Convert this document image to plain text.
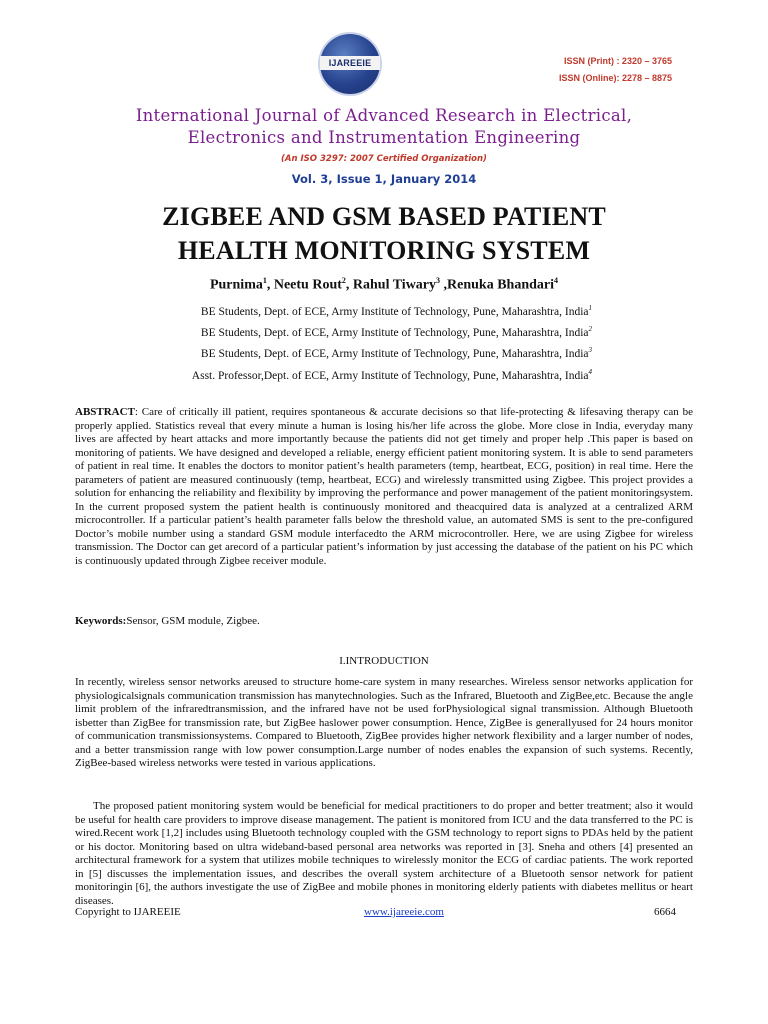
IJAREEIE	ISSN (Print) : 2320 – 3765
ISSN (Online): 2278 – 8875
International Journal of Advanced Research in Electrical,
Electronics and Instrumentation Engineering
(An ISO 3297: 2007 Certified Organization)
Vol. 3, Issue 1, January 2014
ZIGBEE AND GSM BASED PATIENT
HEALTH MONITORING SYSTEM
Purnima$^1$, Neetu Rout$^2$, Rahul Tiwary$^3$ ,Renuka Bhandari$^4$
BE Students, Dept. of ECE, Army Institute of Technology, Pune, Maharashtra, India$^1$
BE Students, Dept. of ECE, Army Institute of Technology, Pune, Maharashtra, India$^2$
BE Students, Dept. of ECE, Army Institute of Technology, Pune, Maharashtra, India$^3$
Asst. Professor,Dept. of ECE, Army Institute of Technology, Pune, Maharashtra, India$^4$
ABSTRACT: Care of critically ill patient, requires spontaneous & accurate decisions so that life-protecting & lifesaving therapy can be properly applied. Statistics reveal that every minute a human is losing his/her life across the globe. More close in India, everyday many lives are affected by heart attacks and more importantly because the patients did not get timely and proper help .This paper is based on monitoring of patients. We have designed and developed a reliable, energy efficient patient monitoring system. It is able to send parameters of patient in real time. It enables the doctors to monitor patient’s health parameters (temp, heartbeat, ECG, position) in real time. Here the parameters of patient are measured continuously (temp, heartbeat, ECG) and wirelessly transmitted using Zigbee. This project provides a solution for enhancing the reliability and flexibility by improving the performance and power management of the patient monitoringsystem. In the current proposed system the patient health is continuously monitored and theacquired data is analyzed at a centralized ARM microcontroller. If a particular patient’s health parameter falls below the threshold value, an automated SMS is sent to the pre-configured Doctor’s mobile number using a standard GSM module interfacedto the ARM microcontroller. Here, we are using Zigbee for wireless transmission. The Doctor can get arecord of a particular patient’s information by just accessing the database of the patient on his PC which is continuously updated through Zigbee receiver module.
Keywords:Sensor, GSM module, Zigbee.
I.INTRODUCTION
In recently, wireless sensor networks areused to structure home-care system in many researches. Wireless sensor networks application for physiologicalsignals communication transmission has manytechnologies. Such as the Infrared, Bluetooth and ZigBee,etc. Because the angle limit problem of the infraredtransmission, and the infrared have not be used forPhysiological signal transmission. Although Bluetooth isbetter than ZigBee for transmission rate, but ZigBee haslower power consumption. Hence, ZigBee is generallyused for 24 hours monitor of communication transmissionsystems. Compared to Bluetooth, ZigBee provides higher network flexibility and a larger number of nodes, and a better transmission range with low power consumption.Large number of nodes enables the expansion of such systems. Recently, ZigBee-based wireless networks were tested in various applications.
The proposed patient monitoring system would be beneficial for medical practitioners to do proper and better treatment; also it would be useful for health care providers to improve disease management. The patient is monitored from ICU and the data transferred to the PC is wired.Recent work [1,2] includes using Bluetooth technology coupled with the GSM technology to report signs to PDAs held by the patient or his doctor. Monitoring based on ultra wideband-based personal area networks was reported in [3]. Sneha and others [4] presented an architectural framework for a system that utilizes mobile techniques to wirelessly monitor the ECG of cardiac patients. The work reported in [5] discusses the implementation issues, and describes the overall system architecture of a Bluetooth sensor network for patient monitoringin [6], the authors investigate the use of ZigBee and mobile phones in monitoring elderly patients with diabetes mellitus or heart diseases.
Copyright to IJAREEIE	www.ijareeie.com	6664
